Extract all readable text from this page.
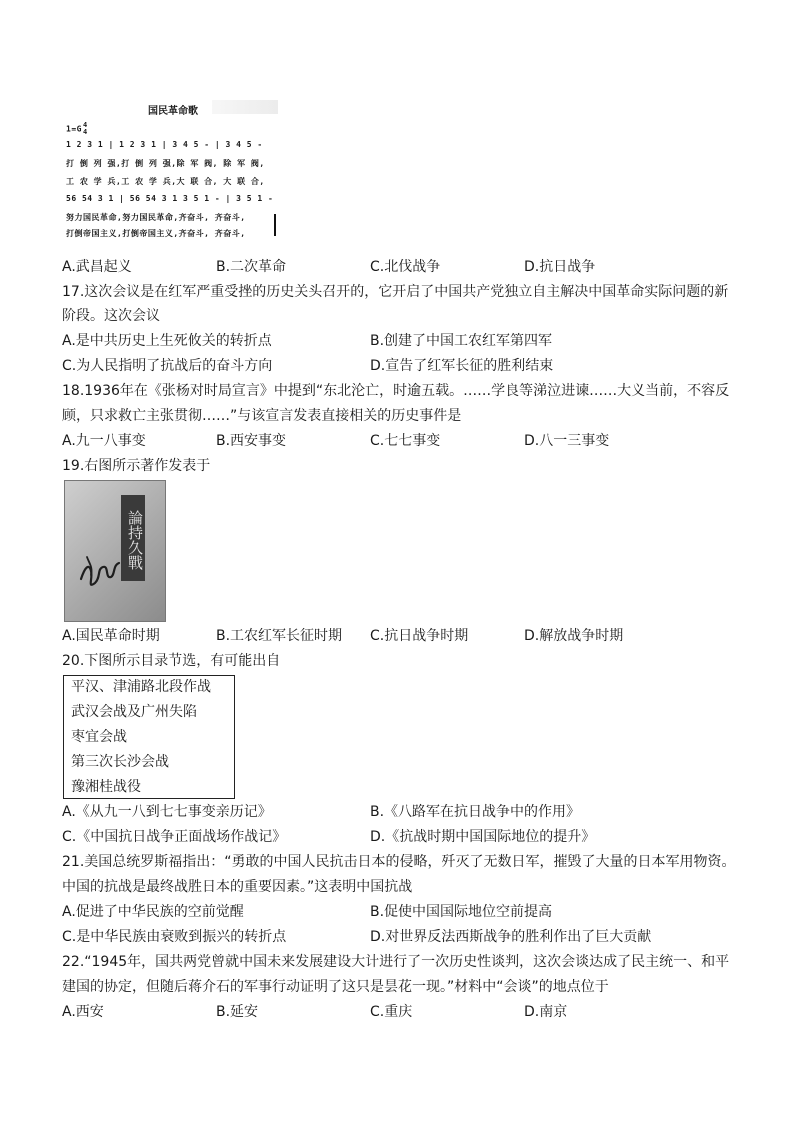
国民革命歌
1=G4
4
1 2 3 1 | 1 2 3 1 | 3 4 5 - | 3 4 5 -
打 倒 列 强,打 倒 列 强,除 军 阀, 除 军 阀,
工 农 学 兵,工 农 学 兵,大 联 合, 大 联 合,
56 54 3 1 | 56 54 3 1 3 5 1 - | 3 5 1 -
努力国民革命,努力国民革命,齐奋斗, 齐奋斗,
打倒帝国主义,打倒帝国主义,齐奋斗, 齐奋斗,
A.武昌起义	B.二次革命	C.北伐战争	D.抗日战争
17.这次会议是在红军严重受挫的历史关头召开的，它开启了中国共产党独立自主解决中国革命实际问题的新
阶段。这次会议
A.是中共历史上生死攸关的转折点	B.创建了中国工农红军第四军
C.为人民指明了抗战后的奋斗方向	D.宣告了红军长征的胜利结束
18.1936年在《张杨对时局宣言》中提到“东北沦亡，时逾五载。……学良等涕泣进谏……大义当前，不容反
顾，只求救亡主张贯彻……”与该宣言发表直接相关的历史事件是
A.九一八事变	B.西安事变	C.七七事变	D.八一三事变
19.右图所示著作发表于
論持久戰
A.国民革命时期	B.工农红军长征时期 C.抗日战争时期	D.解放战争时期
20.下图所示目录节选，有可能出自
平汉、津浦路北段作战
武汉会战及广州失陷
枣宜会战
第三次长沙会战
豫湘桂战役
A.《从九一八到七七事变亲历记》	B.《八路军在抗日战争中的作用》
C.《中国抗日战争正面战场作战记》	D.《抗战时期中国国际地位的提升》
21.美国总统罗斯福指出：“勇敢的中国人民抗击日本的侵略，歼灭了无数日军，摧毁了大量的日本军用物资。
中国的抗战是最终战胜日本的重要因素。”这表明中国抗战
A.促进了中华民族的空前觉醒	B.促使中国国际地位空前提高
C.是中华民族由衰败到振兴的转折点	D.对世界反法西斯战争的胜利作出了巨大贡献
22.“1945年，国共两党曾就中国未来发展建设大计进行了一次历史性谈判，这次会谈达成了民主统一、和平
建国的协定，但随后蒋介石的军事行动证明了这只是昙花一现。”材料中“会谈”的地点位于
A.西安	B.延安	C.重庆	D.南京
